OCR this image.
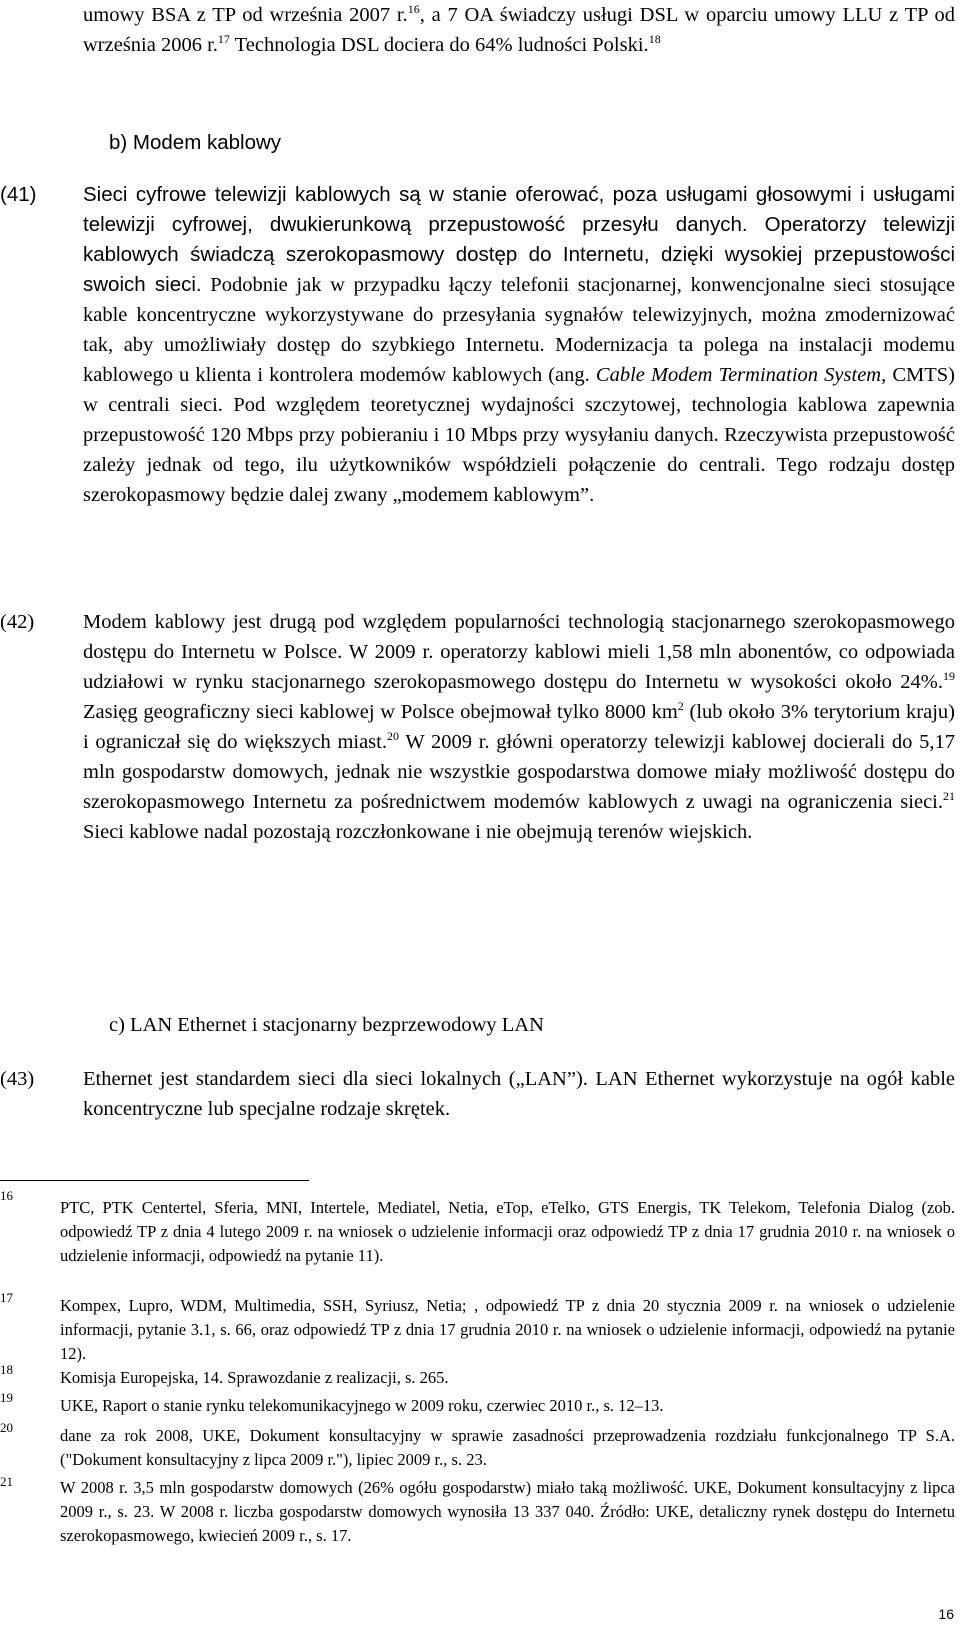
umowy BSA z TP od września 2007 r.$^{16}$, a 7 OA świadczy usługi DSL w oparciu umowy LLU z TP od września 2006 r.$^{17}$ Technologia DSL dociera do 64% ludności Polski.$^{18}$
b) Modem kablowy
(41) Sieci cyfrowe telewizji kablowych są w stanie oferować, poza usługami głosowymi i usługami telewizji cyfrowej, dwukierunkową przepustowość przesyłu danych. Operatorzy telewizji kablowych świadczą szerokopasmowy dostęp do Internetu, dzięki wysokiej przepustowości swoich sieci. Podobnie jak w przypadku łączy telefonii stacjonarnej, konwencjonalne sieci stosujące kable koncentryczne wykorzystywane do przesyłania sygnałów telewizyjnych, można zmodernizować tak, aby umożliwiały dostęp do szybkiego Internetu. Modernizacja ta polega na instalacji modemu kablowego u klienta i kontrolera modemów kablowych (ang. Cable Modem Termination System, CMTS) w centrali sieci. Pod względem teoretycznej wydajności szczytowej, technologia kablowa zapewnia przepustowość 120 Mbps przy pobieraniu i 10 Mbps przy wysyłaniu danych. Rzeczywista przepustowość zależy jednak od tego, ilu użytkowników współdzieli połączenie do centrali. Tego rodzaju dostęp szerokopasmowy będzie dalej zwany „modemem kablowym”.
(42) Modem kablowy jest drugą pod względem popularności technologią stacjonarnego szerokopasmowego dostępu do Internetu w Polsce. W 2009 r. operatorzy kablowi mieli 1,58 mln abonentów, co odpowiada udziałowi w rynku stacjonarnego szerokopasmowego dostępu do Internetu w wysokości około 24%.$^{19}$ Zasięg geograficzny sieci kablowej w Polsce obejmował tylko 8000 $km^2$ (lub około 3% terytorium kraju) i ograniczał się do większych miast.$^{20}$ W 2009 r. główni operatorzy telewizji kablowej docierali do 5,17 mln gospodarstw domowych, jednak nie wszystkie gospodarstwa domowe miały możliwość dostępu do szerokopasmowego Internetu za pośrednictwem modemów kablowych z uwagi na ograniczenia sieci.$^{21}$ Sieci kablowe nadal pozostają rozczłonkowane i nie obejmują terenów wiejskich.
c) LAN Ethernet i stacjonarny bezprzewodowy LAN
(43) Ethernet jest standardem sieci dla sieci lokalnych („LAN”). LAN Ethernet wykorzystuje na ogół kable koncentryczne lub specjalne rodzaje skrętek.
16
PTC, PTK Centertel, Sferia, MNI, Intertele, Mediatel, Netia, eTop, eTelko, GTS Energis, TK Telekom, Telefonia Dialog (zob. odpowiedź TP z dnia 4 lutego 2009 r. na wniosek o udzielenie informacji oraz odpowiedź TP z dnia 17 grudnia 2010 r. na wniosek o udzielenie informacji, odpowiedź na pytanie 11).
17	Kompex, Lupro, WDM, Multimedia, SSH, Syriusz, Netia; , odpowiedź TP z dnia 20 stycznia 2009 r. na wniosek o udzielenie informacji, pytanie 3.1, s. 66, oraz odpowiedź TP z dnia 17 grudnia 2010 r. na wniosek o udzielenie informacji, odpowiedź na pytanie 12).
18	Komisja Europejska, 14. Sprawozdanie z realizacji, s. 265.
19	UKE, Raport o stanie rynku telekomunikacyjnego w 2009 roku, czerwiec 2010 r., s. 12–13.
20	dane za rok 2008, UKE, Dokument konsultacyjny w sprawie zasadności przeprowadzenia rozdziału funkcjonalnego TP S.A. ("Dokument konsultacyjny z lipca 2009 r."), lipiec 2009 r., s. 23.
21	W 2008 r. 3,5 mln gospodarstw domowych (26% ogółu gospodarstw) miało taką możliwość. UKE, Dokument konsultacyjny z lipca 2009 r., s. 23. W 2008 r. liczba gospodarstw domowych wynosiła 13 337 040. Źródło: UKE, detaliczny rynek dostępu do Internetu szerokopasmowego, kwiecień 2009 r., s. 17.
16
